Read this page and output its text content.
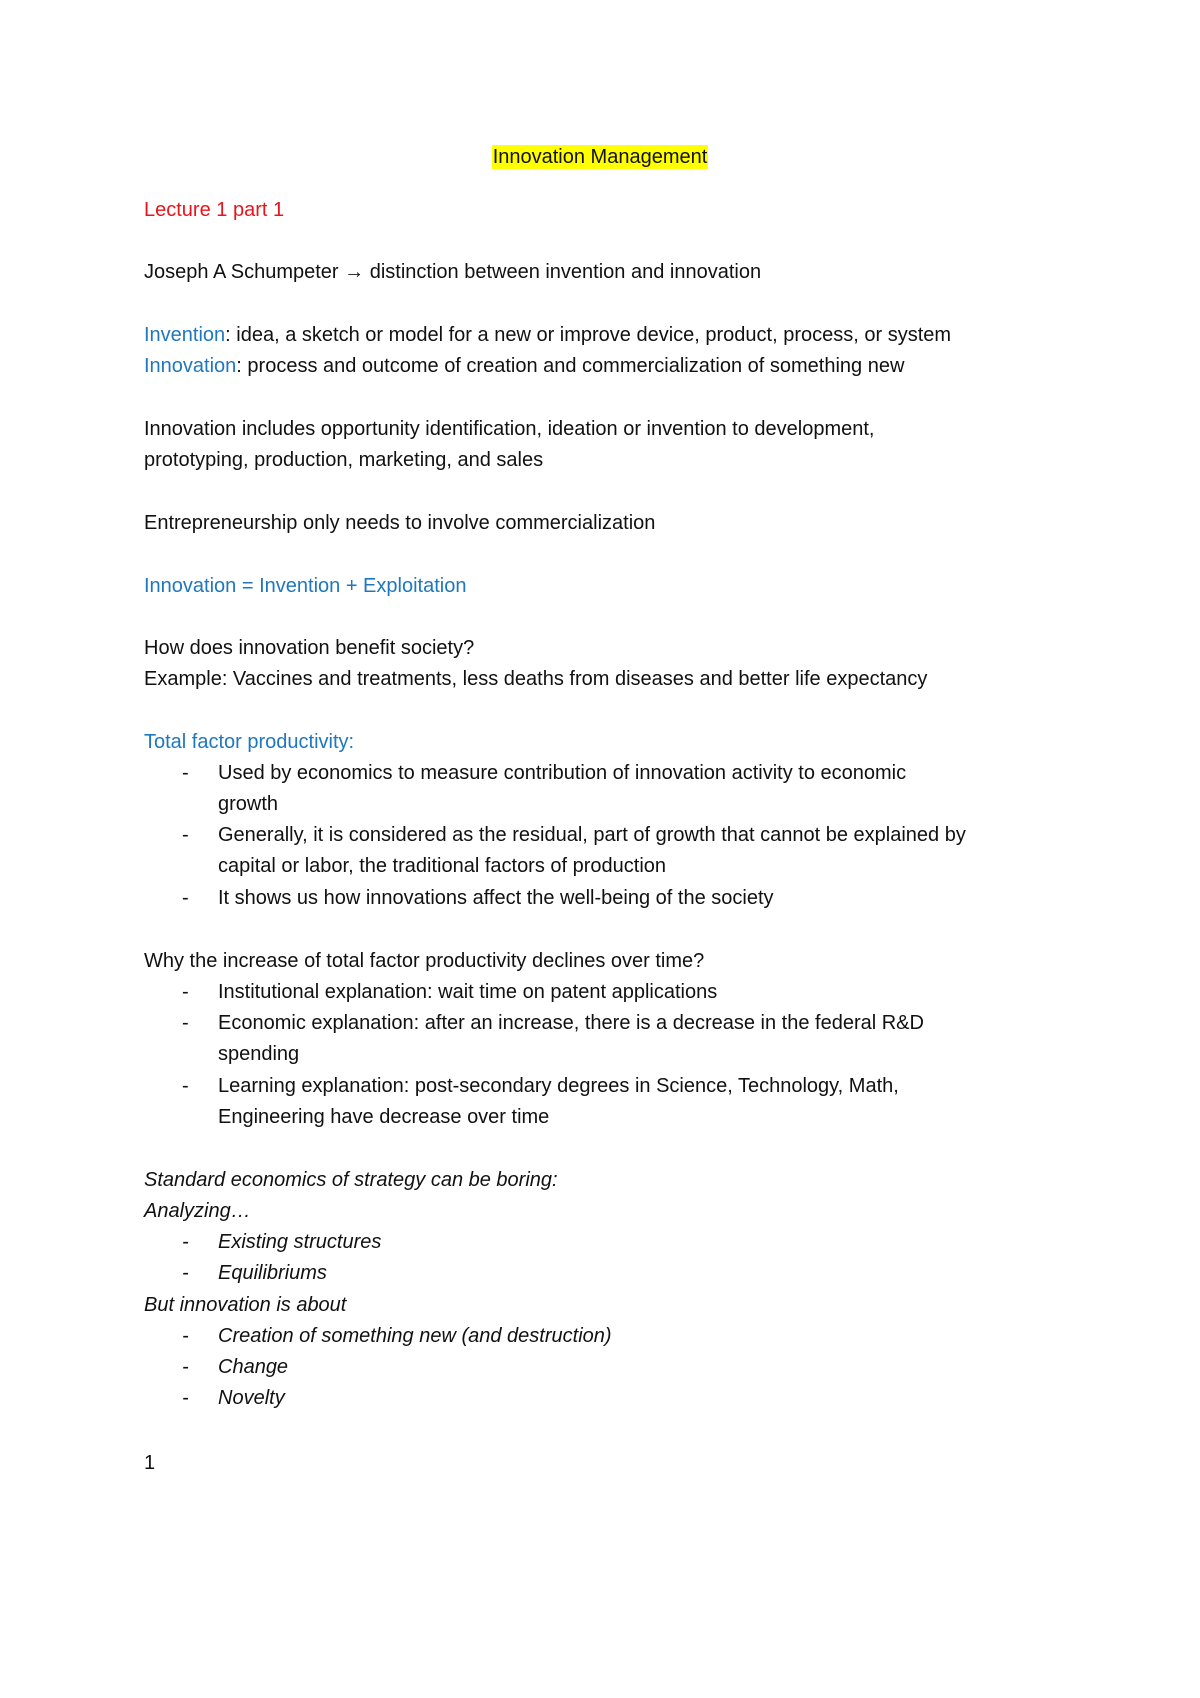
Innovation Management
Lecture 1 part 1
Joseph A Schumpeter → distinction between invention and innovation
Invention: idea, a sketch or model for a new or improve device, product, process, or system
Innovation: process and outcome of creation and commercialization of something new
Innovation includes opportunity identification, ideation or invention to development,
prototyping, production, marketing, and sales
Entrepreneurship only needs to involve commercialization
Innovation = Invention + Exploitation
How does innovation benefit society?
Example: Vaccines and treatments, less deaths from diseases and better life expectancy
Total factor productivity:
- Used by economics to measure contribution of innovation activity to economic
growth
- Generally, it is considered as the residual, part of growth that cannot be explained by
capital or labor, the traditional factors of production
- It shows us how innovations affect the well-being of the society
Why the increase of total factor productivity declines over time?
- Institutional explanation: wait time on patent applications
- Economic explanation: after an increase, there is a decrease in the federal R&D
spending
- Learning explanation: post-secondary degrees in Science, Technology, Math,
Engineering have decrease over time
Standard economics of strategy can be boring:
Analyzing…
- Existing structures
- Equilibriums
But innovation is about
- Creation of something new (and destruction)
- Change
- Novelty
1
